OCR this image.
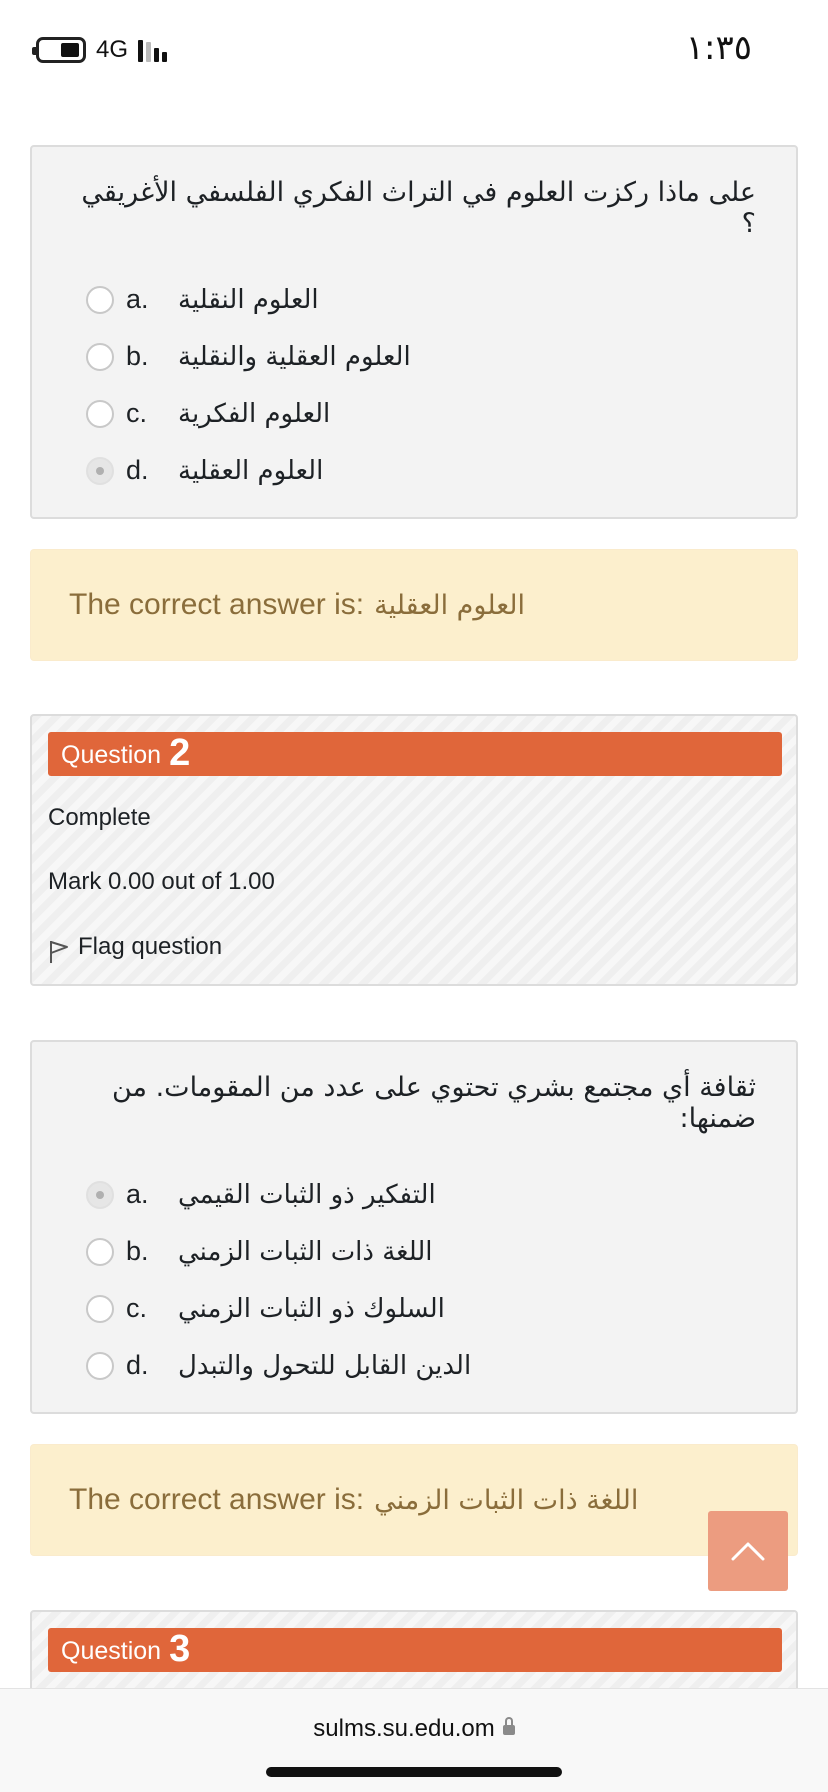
4G	١:٣٥
على ماذا ركزت العلوم في التراث الفكري الفلسفي الأغريقي ؟
a.	العلوم النقلية
b.	العلوم العقلية والنقلية
c.	العلوم الفكرية
d.	العلوم العقلية
The correct answer is: العلوم العقلية
Question 2
Complete
Mark 0.00 out of 1.00
Flag question
ثقافة أي مجتمع بشري تحتوي على عدد من المقومات. من ضمنها:
a.	التفكير ذو الثبات القيمي
b.	اللغة ذات الثبات الزمني
c.	السلوك ذو الثبات الزمني
d.	الدين القابل للتحول والتبدل
The correct answer is: اللغة ذات الثبات الزمني
Question 3
sulms.su.edu.om
